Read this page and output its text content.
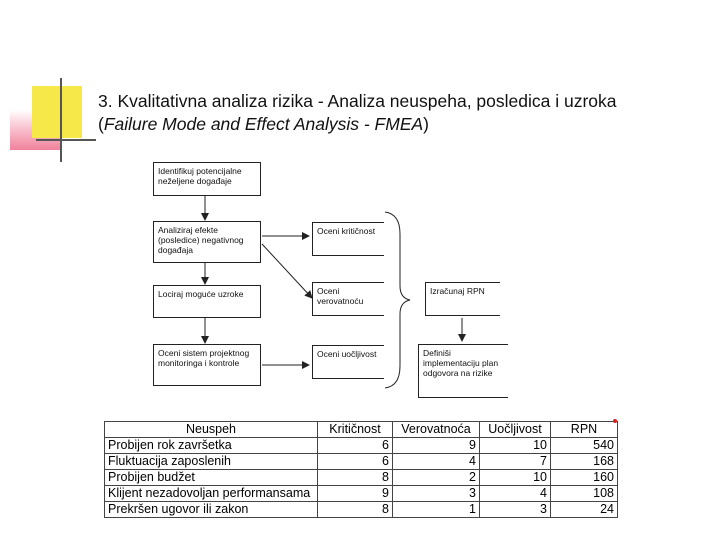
3. Kvalitativna analiza rizika - Analiza neuspeha, posledica i uzroka
(Failure Mode and Effect Analysis - FMEA)
Identifikuj potencijalne neželjene događaje
Analiziraj efekte (posledice) negativnog događaja
Lociraj moguće uzroke
Oceni sistem projektnog monitoringa i kontrole
Oceni kritičnost
Oceni verovatnoću
Oceni uočljivost
Izračunaj RPN
Definiši implementaciju plan odgovora na rizike
Neuspeh	Kritičnost	Verovatnoća	Uočljivost	RPN
Probijen rok završetka	6	9	10	540
Fluktuacija zaposlenih	6	4	7	168
Probijen budžet	8	2	10	160
Klijent nezadovoljan performansama	9	3	4	108
Prekršen ugovor ili zakon	8	1	3	24
